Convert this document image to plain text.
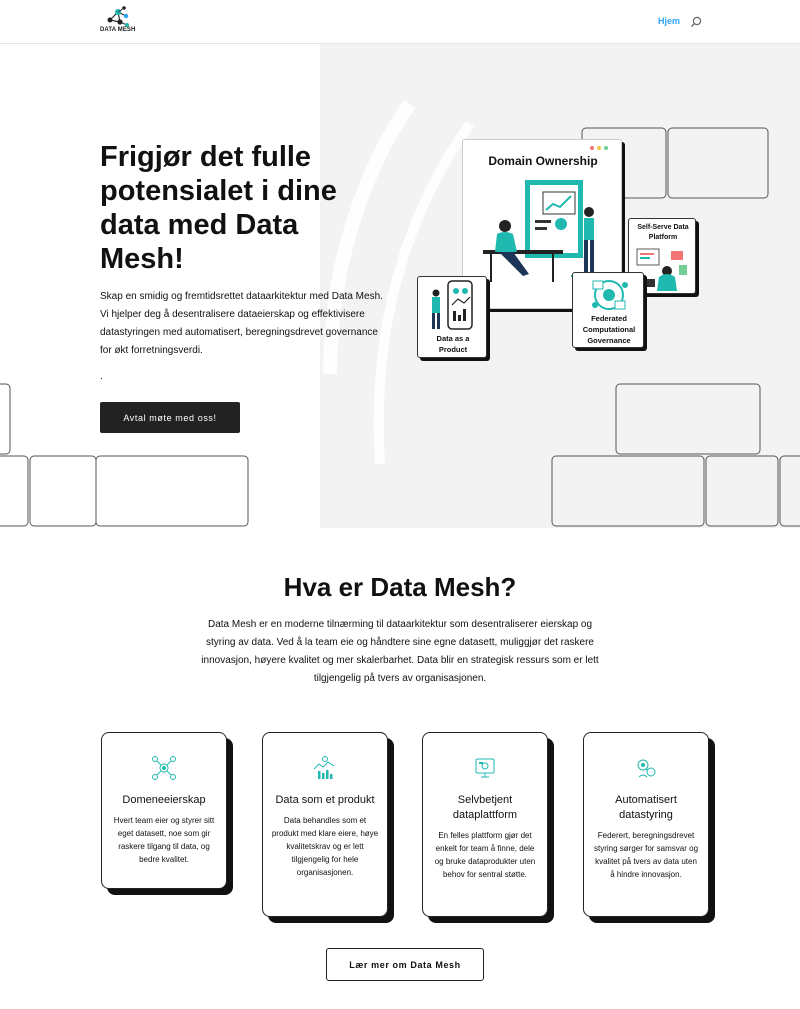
DATA MESH
Hjem
Frigjør det fulle potensialet i dine data med Data Mesh!

Skap en smidig og fremtidsrettet dataarkitektur med Data Mesh. Vi hjelper deg å desentralisere dataeierskap og effektivisere datastyringen med automatisert, beregningsdrevet governance for økt forretningsverdi.

.
Avtal møte med oss!
Domain Ownership
Self-Serve Data Platform
Data as a Product
Federated Computational Governance
Hva er Data Mesh?

Data Mesh er en moderne tilnærming til dataarkitektur som desentraliserer eierskap og styring av data. Ved å la team eie og håndtere sine egne datasett, muliggjør det raskere innovasjon, høyere kvalitet og mer skalerbarhet. Data blir en strategisk ressurs som er lett tilgjengelig på tvers av organisasjonen.

Domeneeierskap

Hvert team eier og styrer sitt eget datasett, noe som gir raskere tilgang til data, og bedre kvalitet.

Data som et produkt

Data behandles som et produkt med klare eiere, høye kvalitetskrav og er lett tilgjengelig for hele organisasjonen.

Selvbetjent dataplattform

En felles plattform gjør det enkelt for team å finne, dele og bruke dataprodukter uten behov for sentral støtte.

Automatisert datastyring

Federert, beregningsdrevet styring sørger for samsvar og kvalitet på tvers av data uten å hindre innovasjon.

Lær mer om Data Mesh
